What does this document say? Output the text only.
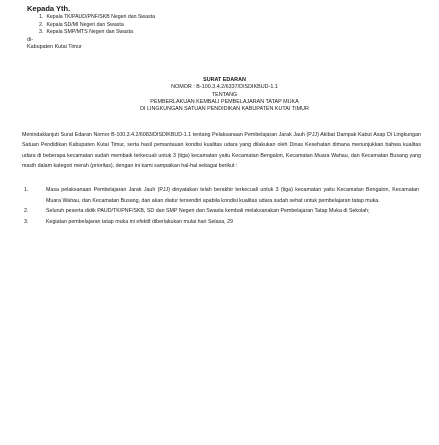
Kepada Yth.
1. Kepala TK/PAUD/PNF/SKB Negeri dan Swasta
2. Kepala SD/MI Negeri dan Swasta
3. Kepala SMP/MTS Negeri dan Swasta
di-
Kabupaten Kutai Timur
SURAT EDARAN
NOMOR : B-100.3.4.2/6337/DISDIKBUD-1.1
TENTANG
PEMBERLAKUAN KEMBALI PEMBELAJARAN TATAP MUKA
DI LINGKUNGAN SATUAN PENDIDIKAN KABUPATEN KUTAI TIMUR
Menindaklanjuti Surat Edaran Nomor B-100.3.4.2/6083/DISDIKBUD-1.1 tentang Pelaksanaan Pembelajaran Jarak Jauh (PJJ) Akibat Dampak Kabut Asap Di Lingkungan Satuan Pendidikan Kabupaten Kutai Timur, serta hasil pemantauan kondisi kualitas udara yang dilakukan oleh Dinas Kesehatan dimana menunjukkan bahwa kualitas udara di beberapa kecamatan sudah membaik terkecuali untuk 3 (tiga) kecamatan yaitu Kecamatan Bengalon, Kecamatan Muara Wahau, dan Kecamatan Busang yang masih dalam kategori merah (prioritas), dengan ini kami sampaikan hal-hal sebagai berikut :
1.	Masa pelaksanaan Pembelajaran Jarak Jauh (PJJ) dinyatakan telah berakhir terkecuali untuk 3 (tiga) kecamatan yaitu Kecamatan Bengalon, Kecamatan Muara Wahau, dan Kecamatan Busang, dan akan diatur tersendiri apabila kondisi kualitas udara sudah sehat untuk pembelajaran tatap muka.
2.	Seluruh peserta didik PAUD/TK/PNF/SKB, SD dan SMP Negeri dan Swasta kembali melaksanakan Pembelajaran Tatap Muka di Sekolah;
3.	Kegiatan pembelajaran tatap muka ini efektif diberlakukan mulai hari Selasa, 29
